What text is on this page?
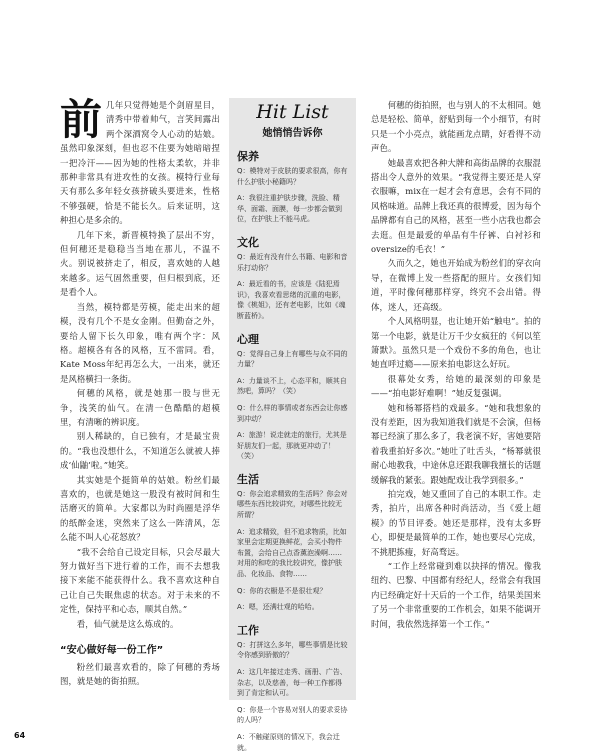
前 几年只觉得她是个剑眉星目，清秀中带着帅气，言笑间露出两个深酒窝令人心动的姑娘。虽然印象深刻，但也忍不住要为她暗暗捏一把冷汗——因为她的性格太柔软，并非那种非常具有进攻性的女孩。模特行业每天有那么多年轻女孩挤破头要进来，性格不够强硬，恰是不能长久。后来证明，这种担心是多余的。

几年下来，新晋模特换了层出不穷，但何穗还是稳稳当当地在那儿，不温不火。别说被挤走了，相反，喜欢她的人越来越多。运气固然重要，但归根到底，还是看个人。

当然，模特都是劳模，能走出来的超模，没有几个不是女金刚。但勤奋之外，要给人留下长久印象，唯有两个字：风格。超模各有各的风格，互不雷同。看，Kate Moss年纪再怎么大，一出来，就还是风格横扫一条街。

何穗的风格，就是她那一股与世无争，浅笑的仙气。在清一色酷酷的超模里，有清晰的辨识度。

别人稀缺的，自已独有，才是最宝贵的。“我也没想什么，不知道怎么就被人捧成‘仙鼬’啦。”她笑。

其实她是个挺简单的姑娘。粉丝们最喜欢的，也就是她这一股没有被时间和生活磨灭的简单。大家都以为时尚圈是浮华的纸醉金迷，突然来了这么一阵清风，怎么能不叫人心花怒放？

“我不会给自己设定目标，只会尽最大努力做好当下进行着的工作，而不去想我接下来能不能获得什么。我不喜欢这种自己让自己失眠焦虑的状态。对于未来的不定性，保持平和心态，顺其自然。”

看，仙气就是这么炼成的。

“安心做好每一份工作”

粉丝们最喜欢看的，除了何穗的秀场图，就是她的街拍照。

Hit List
她悄悄告诉你
保养
Q：模特对于皮肤的要求很高，你有什么护肤小秘籍吗？
A：我很注重护肤步骤，洗脸、精华、面霜、面膜，每一步都会做到位，在护肤上不能马虎。
文化
Q：最近有没有什么书籍、电影和音乐打动你？
A：最近看的书，应该是《陆犯焉识》，我喜欢看思绪的沉重的电影，像《桃姐》，还有老电影，比如《魂断蓝桥》。
心理
Q：觉得自己身上有哪些与众不同的力量？
A：力量谈不上，心态平和，顺其自然吧，算吗？（笑）
Q：什么样的事情或者东西会让你感到冲动？
A：旅游！说走就走的旅行，尤其是好朋友们一起，那就更冲动了！（笑）
生活
Q：你会追求精致的生活吗？你会对哪些东西比较讲究，对哪些比较无所谓？
A：追求精致，但不追求物质，比如家里会定期更换鲜花，会买小物件布置，会给自己点香薰泡澡啊……对用的和吃的我比较讲究，像护肤品、化妆品、食物……
Q：你的衣橱是不是很壮观？
A：嗯，还满壮观的哈哈。
工作
Q：打拼这么多年，哪些事情是比较令你感到骄傲的？
A：这几年接过走秀、画册、广告、杂志，以及慈善，每一种工作都得到了肯定和认可。
Q：你是一个容易对别人的要求妥协的人吗？
A：不触碰原则的情况下，我会迁就。

何穗的街拍照，也与别人的不太相同。她总是轻松、简单，舒贴到每一个小细节，有时只是一个小亮点，就能画龙点睛，好看得不动声色。

她最喜欢把各种大牌和高街品牌的衣服混搭出令人意外的效果。“我觉得主要还是人穿衣服嘛，mix在一起才会有意思，会有不同的风格味道。品牌上我还真的很博爱，因为每个品牌都有自己的风格，甚至一些小店我也都会去逛。但是最爱的单品有牛仔裤、白衬衫和oversize的毛衣！”

久而久之，她也开始成为粉丝们的穿衣向导，在微博上发一些搭配的照片。女孩们知道，平时像何穗那样穿，终究不会出错。得体，迷人，还高级。

个人风格明显，也让她开始“触电”。拍的第一个电影，就是让万千少女疯狂的《何以笙箫默》。虽然只是一个戏份不多的角色，也让她直呼过瘾——原来拍电影这么好玩。

很幕处女秀，给她的最深刻的印象是——“拍电影好难啊！”她反复强调。

她和杨幂搭档的戏最多。“她和我想象的没有差距，因为我知道我们就是不会演，但杨幂已经演了那么多了，我老演不好，害她要陪着我重拍好多次。”她吐了吐舌头，“杨幂就很耐心地教我，中途休息还跟我聊我擅长的话题缓解我的紧张。跟她配戏让我学到很多。”

拍完戏，她又重回了自己的本职工作。走秀，拍片，出席各种时尚活动，当《爱上超模》的节目评委。她还是那样，没有太多野心，即便是最简单的工作，她也要尽心完成，不挑肥拣瘦，好高骛远。

“工作上经常碰到难以抉择的情况。像我纽约、巴黎、中国都有经纪人，经常会有我国内已经确定好十天后的一个工作，结果美国来了另一个非常重要的工作机会，如果不能调开时间，我依然选择第一个工作。”

64
